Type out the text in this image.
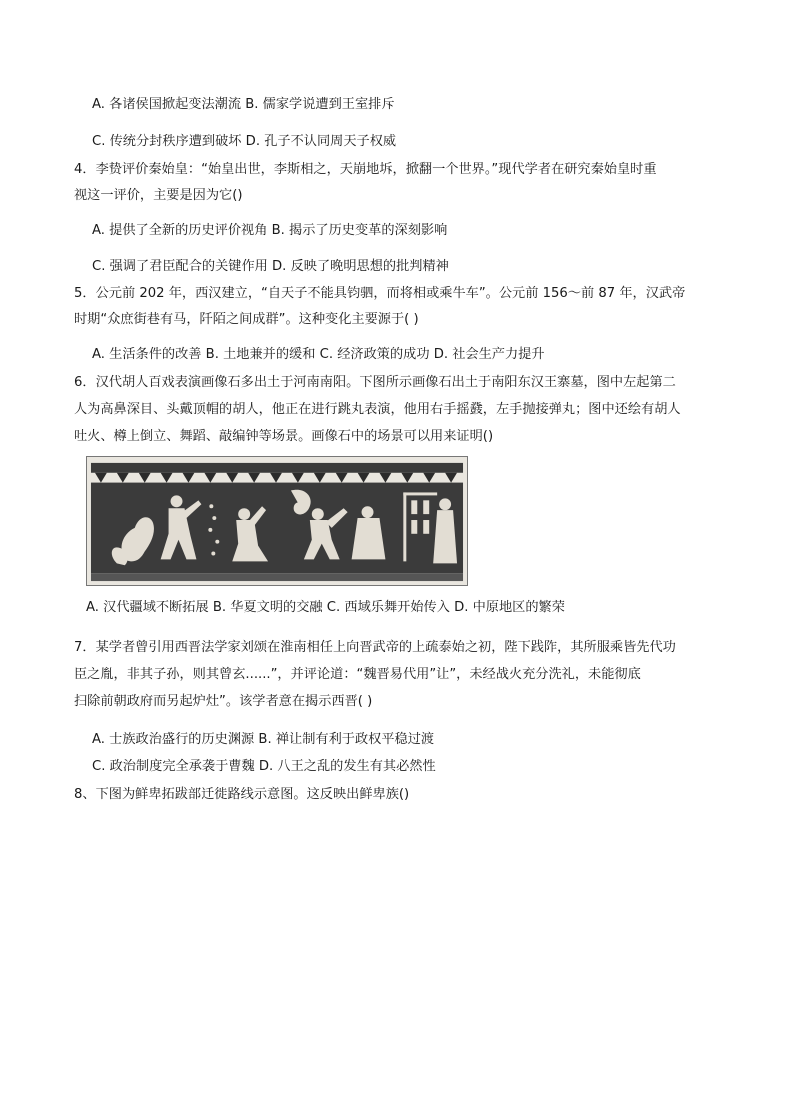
A. 各诸侯国掀起变法潮流 B. 儒家学说遭到王室排斥
C. 传统分封秩序遭到破坏 D. 孔子不认同周天子权威
4．李贽评价秦始皇：“始皇出世，李斯相之，天崩地坼，掀翻一个世界。”现代学者在研究秦始皇时重
视这一评价，主要是因为它()
A. 提供了全新的历史评价视角 B. 揭示了历史变革的深刻影响
C. 强调了君臣配合的关键作用 D. 反映了晚明思想的批判精神
5．公元前 202 年，西汉建立，“自天子不能具钧驷，而将相或乘牛车”。公元前 156～前 87 年，汉武帝
时期“众庶街巷有马，阡陌之间成群”。这种变化主要源于( )
A. 生活条件的改善 B. 土地兼并的缓和 C. 经济政策的成功 D. 社会生产力提升
6．汉代胡人百戏表演画像石多出土于河南南阳。下图所示画像石出土于南阳东汉王寨墓，图中左起第二
人为高鼻深目、头戴顶帽的胡人，他正在进行跳丸表演，他用右手摇鼗，左手抛接弹丸；图中还绘有胡人
吐火、樽上倒立、舞蹈、敲编钟等场景。画像石中的场景可以用来证明()
A. 汉代疆域不断拓展 B. 华夏文明的交融 C. 西域乐舞开始传入 D. 中原地区的繁荣
7．某学者曾引用西晋法学家刘颂在淮南相任上向晋武帝的上疏泰始之初，陛下践阼，其所服乘皆先代功
臣之胤，非其子孙，则其曾玄......”，并评论道：“魏晋易代用”让”，未经战火充分洗礼，未能彻底
扫除前朝政府而另起炉灶”。该学者意在揭示西晋( )
A. 士族政治盛行的历史渊源 B. 禅让制有利于政权平稳过渡
C. 政治制度完全承袭于曹魏 D. 八王之乱的发生有其必然性
8、下图为鲜卑拓跋部迁徙路线示意图。这反映出鲜卑族()
